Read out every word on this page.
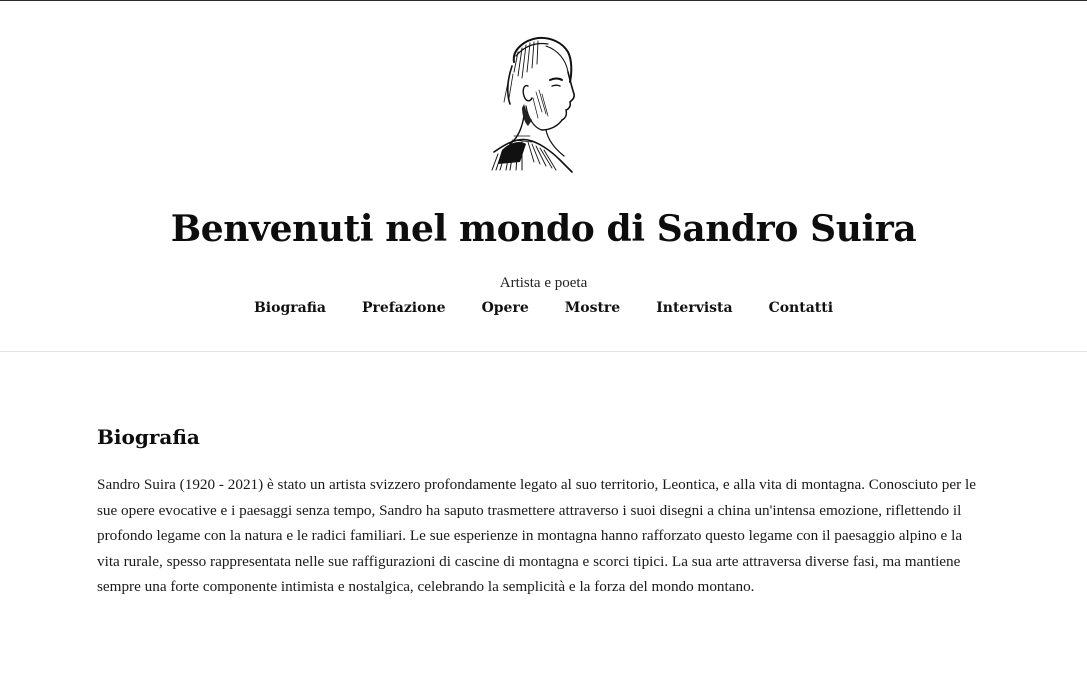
Benvenuti nel mondo di Sandro Suira

Artista e poeta

Biografia	Prefazione	Opere	Mostre	Intervista	Contatti
Biografia

Sandro Suira (1920 - 2021) è stato un artista svizzero profondamente legato al suo territorio, Leontica, e alla vita di montagna. Conosciuto per le sue opere evocative e i paesaggi senza tempo, Sandro ha saputo trasmettere attraverso i suoi disegni a china un'intensa emozione, riflettendo il profondo legame con la natura e le radici familiari. Le sue esperienze in montagna hanno rafforzato questo legame con il paesaggio alpino e la vita rurale, spesso rappresentata nelle sue raffigurazioni di cascine di montagna e scorci tipici. La sua arte attraversa diverse fasi, ma mantiene sempre una forte componente intimista e nostalgica, celebrando la semplicità e la forza del mondo montano.
